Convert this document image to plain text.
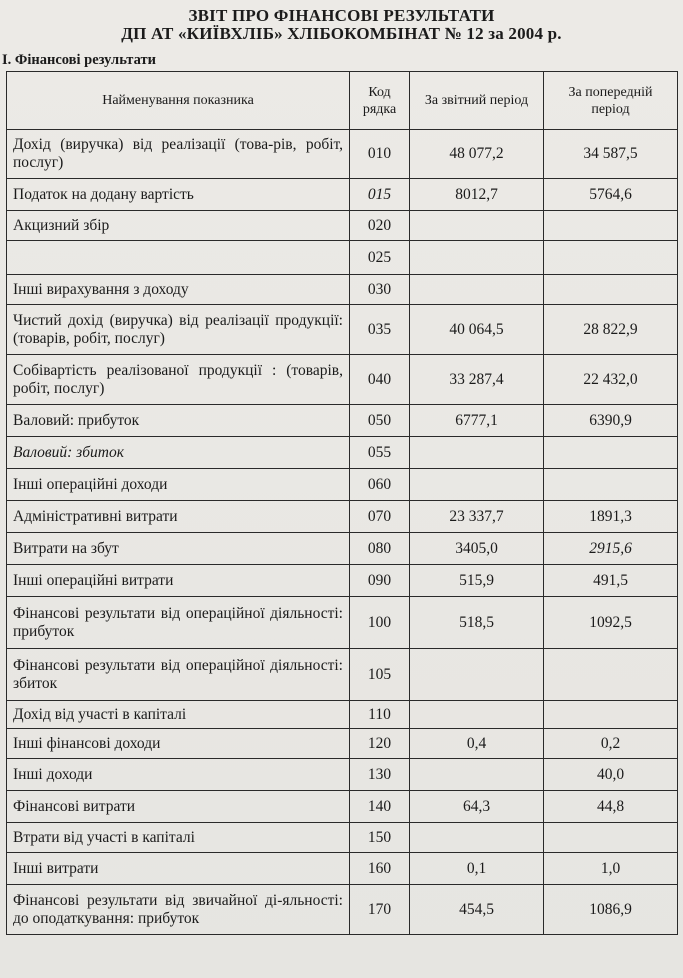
ЗВІТ ПРО ФІНАНСОВІ РЕЗУЛЬТАТИ
ДП АТ «КИЇВХЛІБ» ХЛІБОКОМБІНАТ № 12 за 2004 р.
І. Фінансові результати
Найменування показника	Код рядка	За звітний період	За попередній період
Дохід (виручка) від реалізації (това-рів, робіт, послуг)	010	48 077,2	34 587,5
Податок на додану вартість	015	8012,7	5764,6
Акцизний збір	020		
	025		
Інші вирахування з доходу	030		
Чистий дохід (виручка) від реалізації продукції: (товарів, робіт, послуг)	035	40 064,5	28 822,9
Собівартість реалізованої продукції : (товарів, робіт, послуг)	040	33 287,4	22 432,0
Валовий: прибуток	050	6777,1	6390,9
Валовий: збиток	055		
Інші операційні доходи	060		
Адміністративні витрати	070	23 337,7	1891,3
Витрати на збут	080	3405,0	2915,6
Інші операційні витрати	090	515,9	491,5
Фінансові результати від операційної діяльності: прибуток	100	518,5	1092,5
Фінансові результати від операційної діяльності: збиток	105		
Дохід від участі в капіталі	110		
Інші фінансові доходи	120	0,4	0,2
Інші доходи	130		40,0
Фінансові витрати	140	64,3	44,8
Втрати від участі в капіталі	150		
Інші витрати	160	0,1	1,0
Фінансові результати від звичайної ді-яльності: до оподаткування: прибуток	170	454,5	1086,9
